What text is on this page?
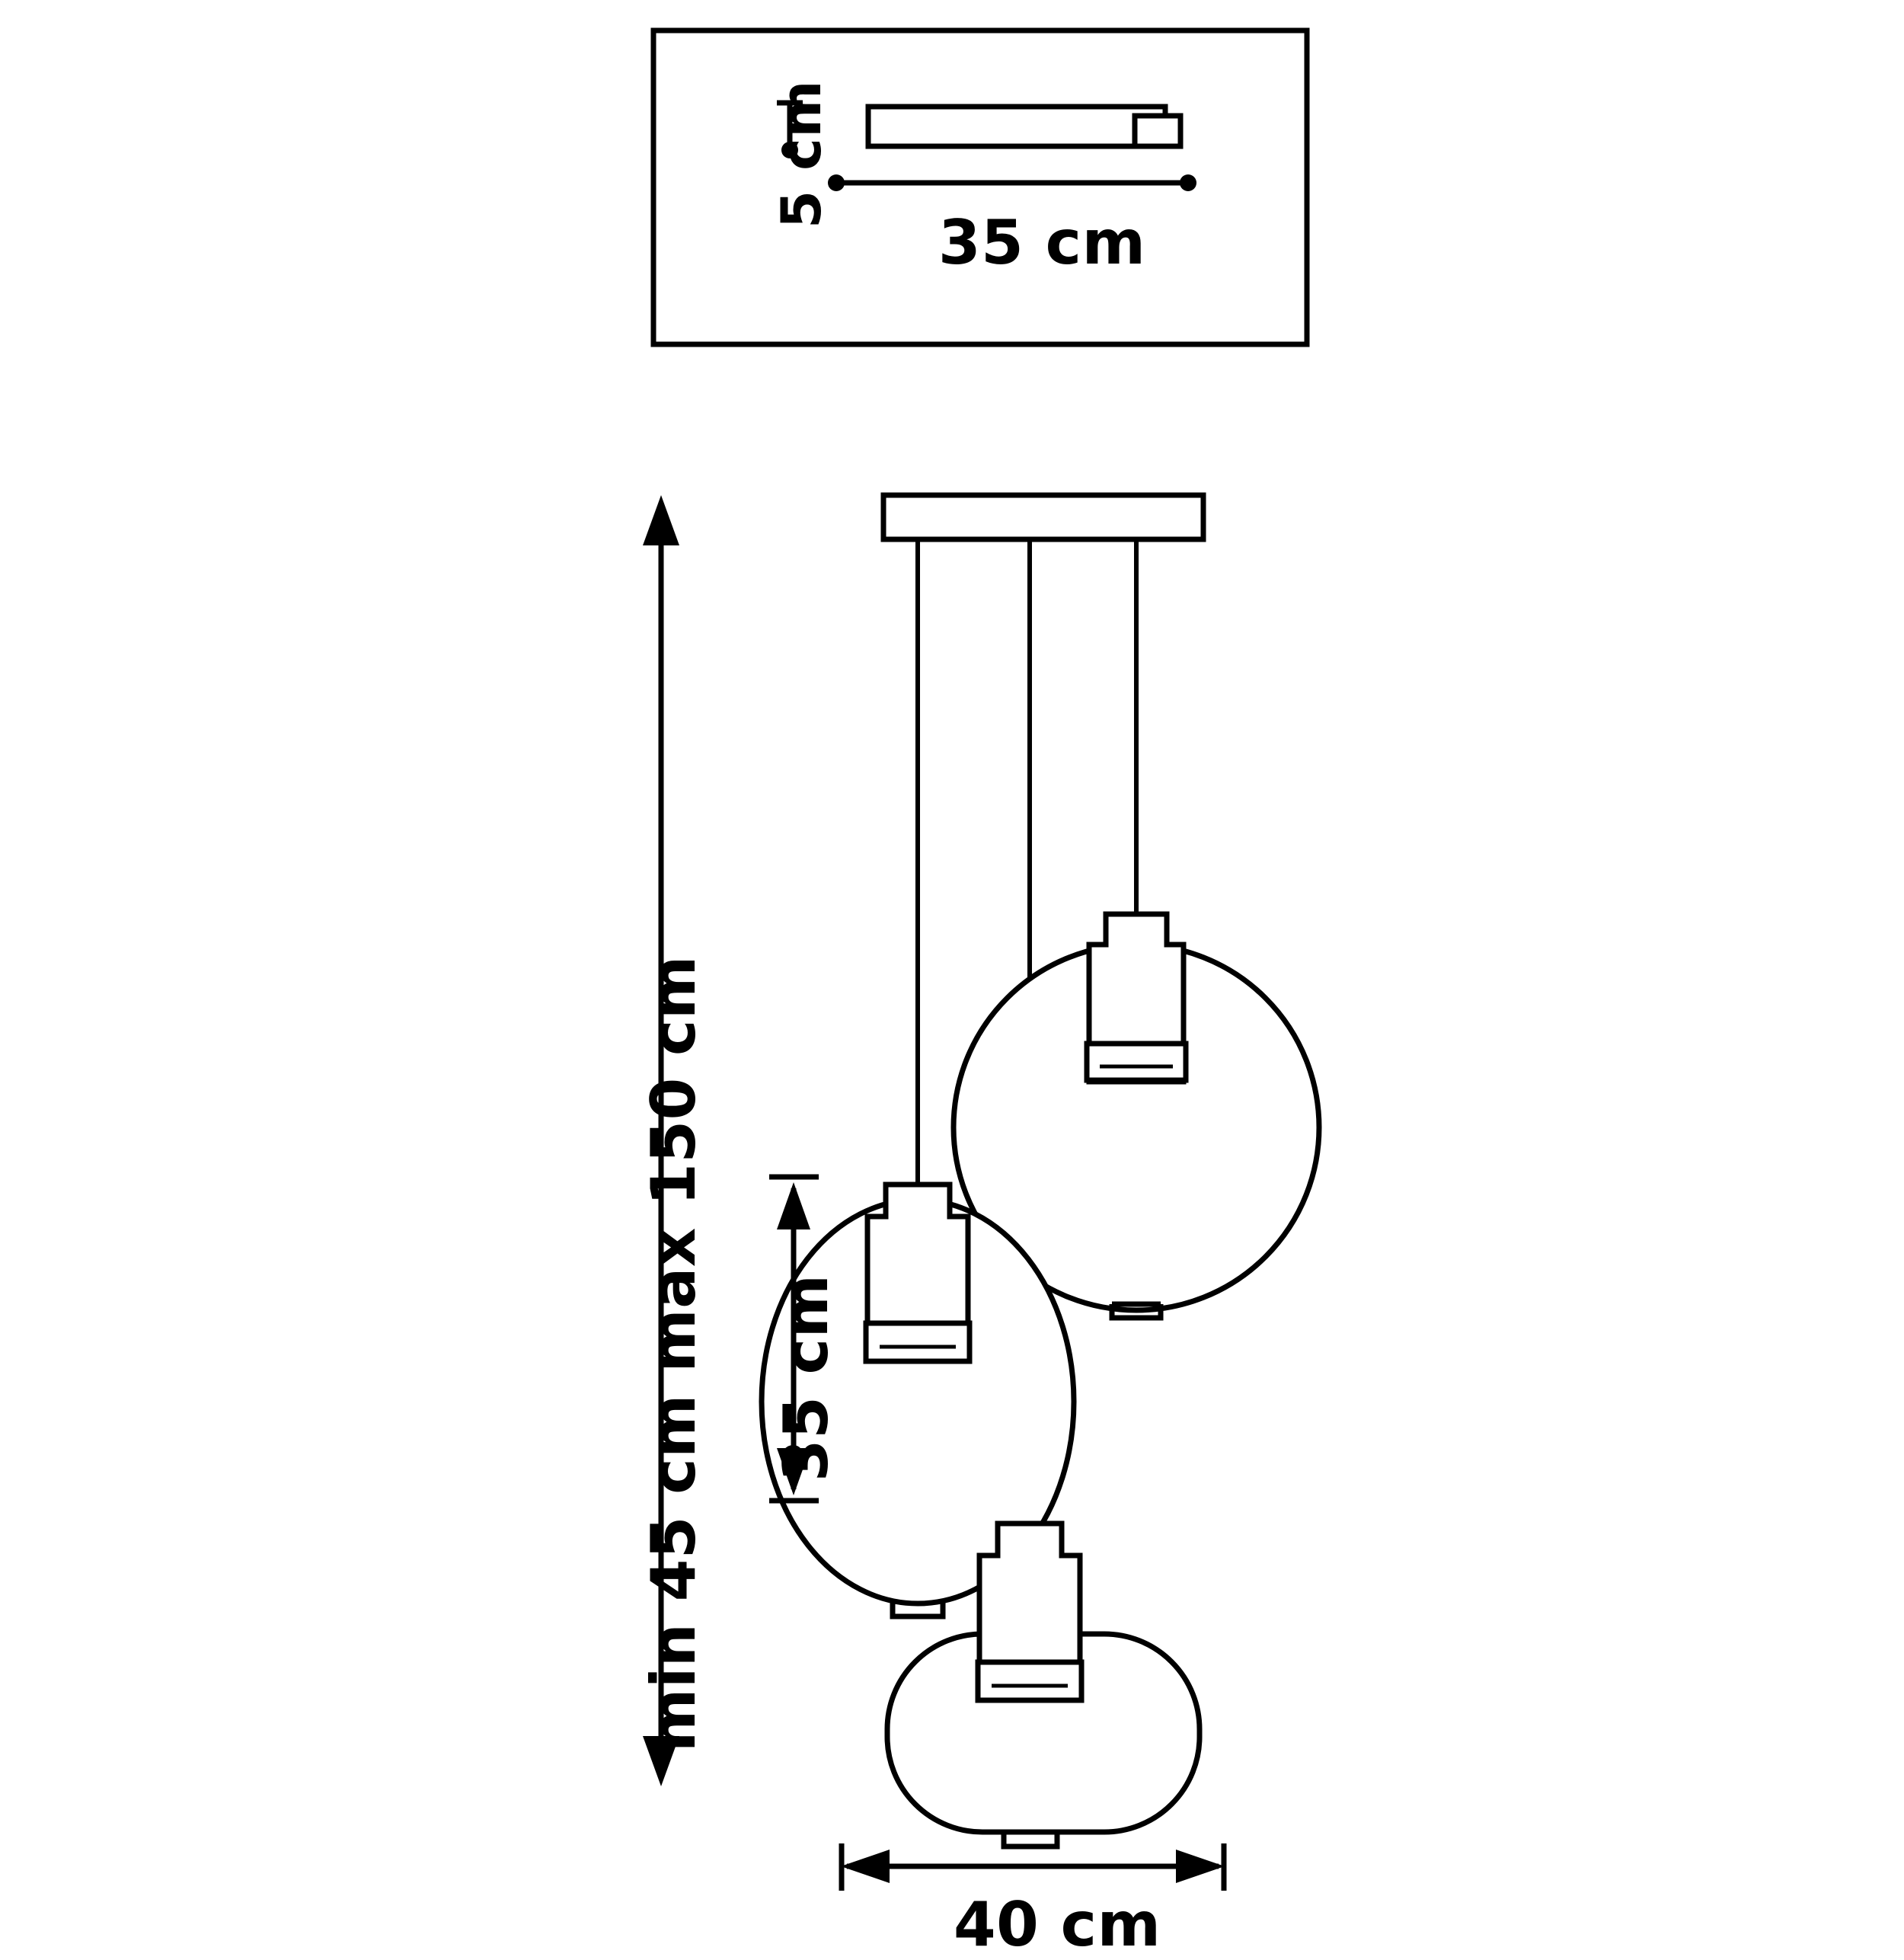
5 cm
35 cm
min 45 cm max 150 cm 35 cm
40 cm
